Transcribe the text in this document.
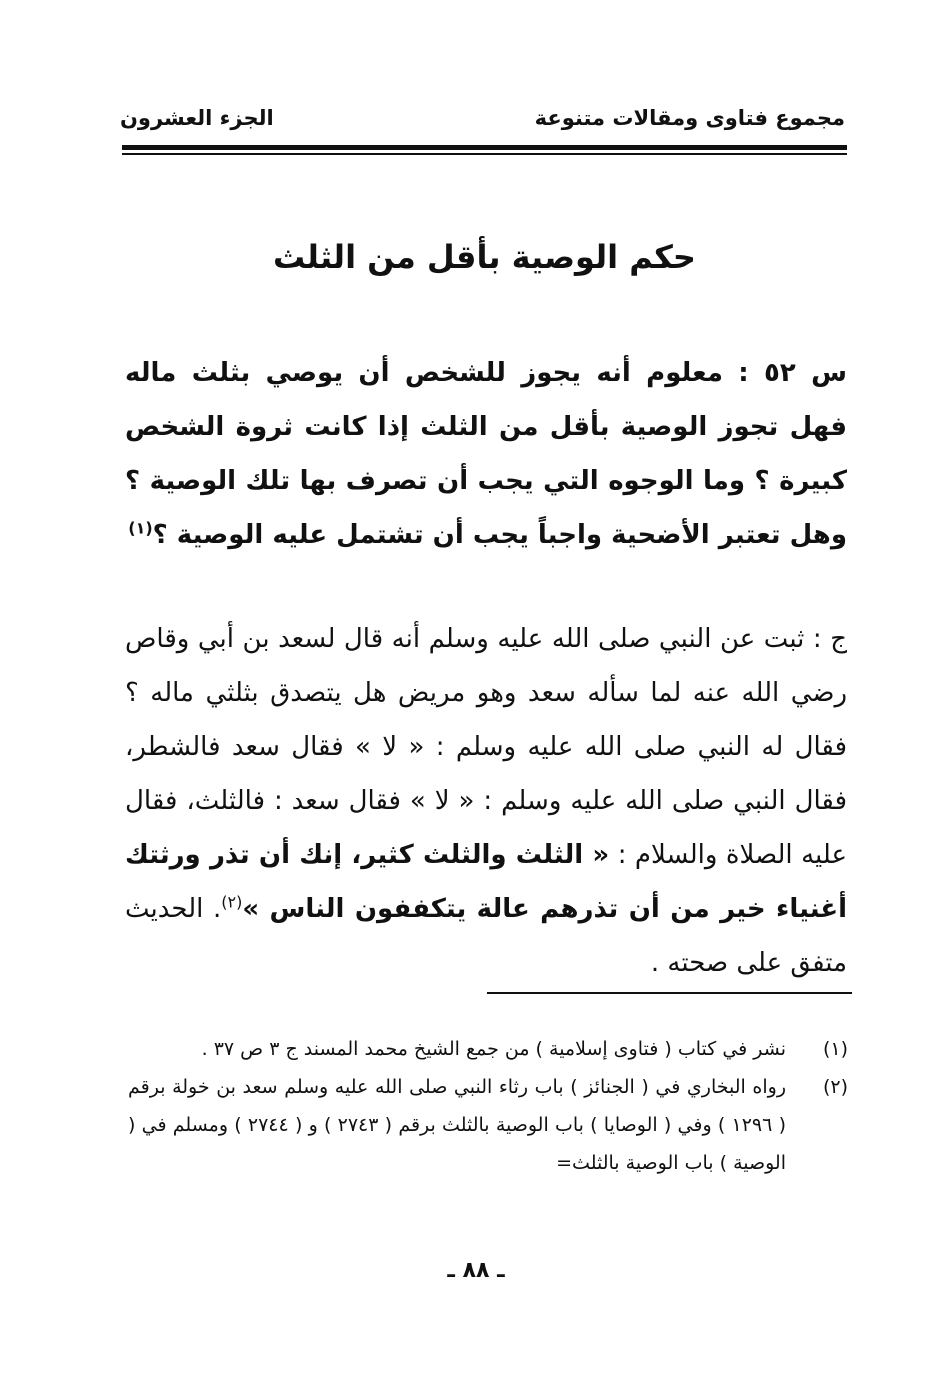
مجموع فتاوى ومقالات متنوعة
الجزء العشرون
حكم الوصية بأقل من الثلث
س ٥٢ : معلوم أنه يجوز للشخص أن يوصي بثلث ماله فهل تجوز الوصية بأقل من الثلث إذا كانت ثروة الشخص كبيرة ؟ وما الوجوه التي يجب أن تصرف بها تلك الوصية ؟ وهل تعتبر الأضحية واجباً يجب أن تشتمل عليه الوصية ؟$^{(١)}$
ج : ثبت عن النبي صلى الله عليه وسلم أنه قال لسعد بن أبي وقاص رضي الله عنه لما سأله سعد وهو مريض هل يتصدق بثلثي ماله ؟ فقال له النبي صلى الله عليه وسلم : « لا » فقال سعد فالشطر، فقال النبي صلى الله عليه وسلم : « لا » فقال سعد : فالثلث، فقال عليه الصلاة والسلام : « الثلث والثلث كثير، إنك أن تذر ورثتك أغنياء خير من أن تذرهم عالة يتكففون الناس »$^{(٢)}$. الحديث متفق على صحته .
(١)
نشر في كتاب ( فتاوى إسلامية ) من جمع الشيخ محمد المسند ج ٣ ص ٣٧ .
(٢)
رواه البخاري في ( الجنائز ) باب رثاء النبي صلى الله عليه وسلم سعد بن خولة برقم ( ١٢٩٦ ) وفي ( الوصايا ) باب الوصية بالثلث برقم ( ٢٧٤٣ ) و ( ٢٧٤٤ ) ومسلم في ( الوصية ) باب الوصية بالثلث=
ـ ٨٨ ـ
